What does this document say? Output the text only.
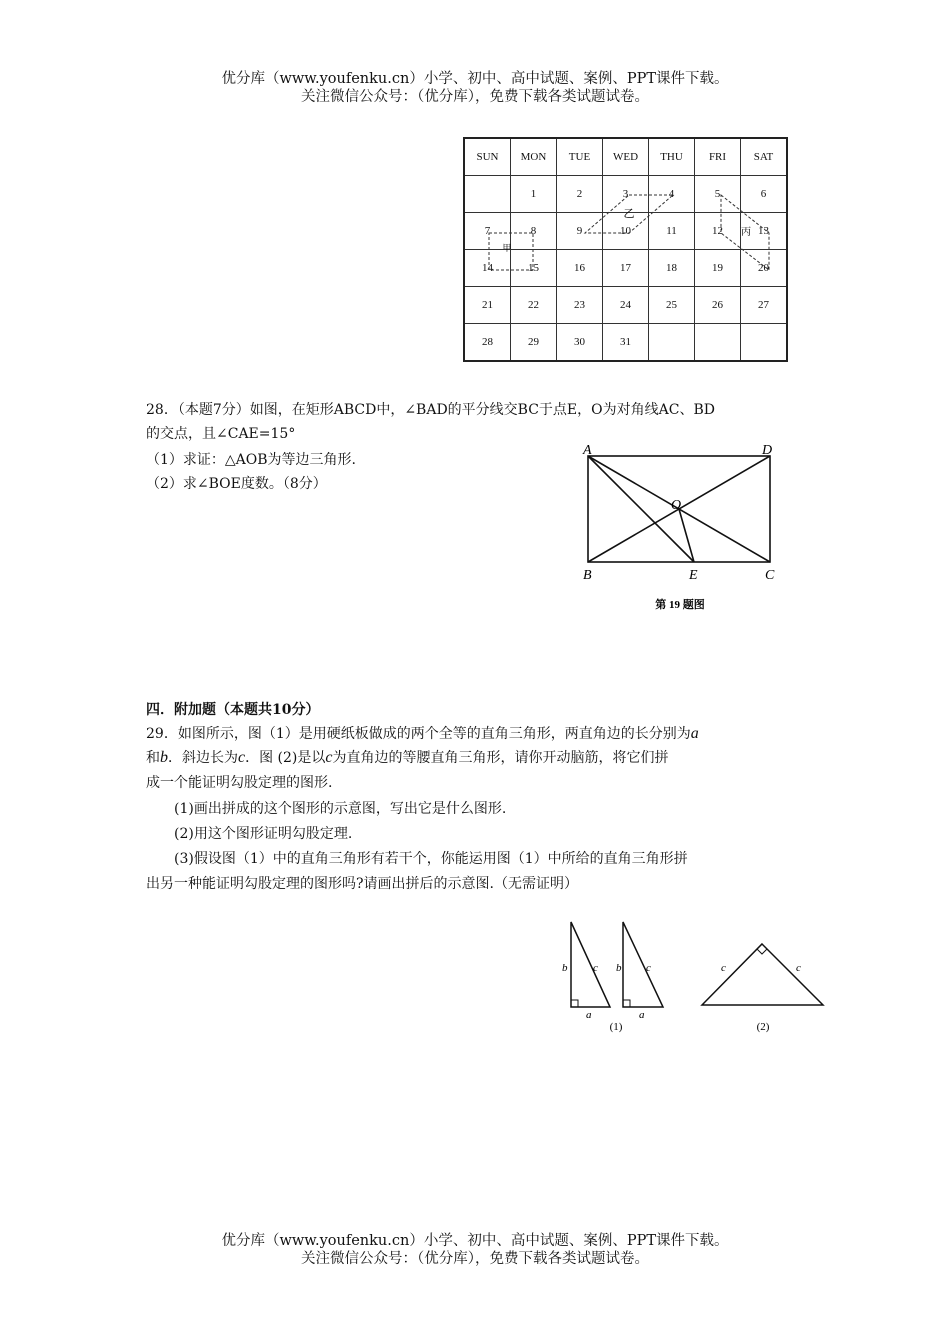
优分库（www.youfenku.cn）小学、初中、高中试题、案例、PPT课件下载。
关注微信公众号：（优分库），免费下载各类试题试卷。
SUN	MON	TUE	WED	THU	FRI	SAT
	1	2	3	4	5	6
7	8	9	10	11	12	13
14	15	16	17	18	19	20
21	22	23	24	25	26	27
28	29	30	31			
甲
乙
丙
28．（本题7分）如图，在矩形ABCD中，∠BAD的平分线交BC于点E，O为对角线AC、BD
的交点，且∠CAE=15°
（1）求证：△AOB为等边三角形.
（2）求∠BOE度数。（8分）
A	D
O
B	E	C
第 19 题图
四．附加题（本题共10分）
29．如图所示，图（1）是用硬纸板做成的两个全等的直角三角形，两直角边的长分别为a
和b．斜边长为c．图 (2)是以c为直角边的等腰直角三角形，请你开动脑筋，将它们拼
成一个能证明勾股定理的图形.
(1)画出拼成的这个图形的示意图，写出它是什么图形.
(2)用这个图形证明勾股定理.
(3)假设图（1）中的直角三角形有若干个，你能运用图（1）中所给的直角三角形拼
出另一种能证明勾股定理的图形吗?请画出拼后的示意图.（无需证明）
b c
a
b c
a
c	c
(1)	(2)
优分库（www.youfenku.cn）小学、初中、高中试题、案例、PPT课件下载。
关注微信公众号：（优分库），免费下载各类试题试卷。
